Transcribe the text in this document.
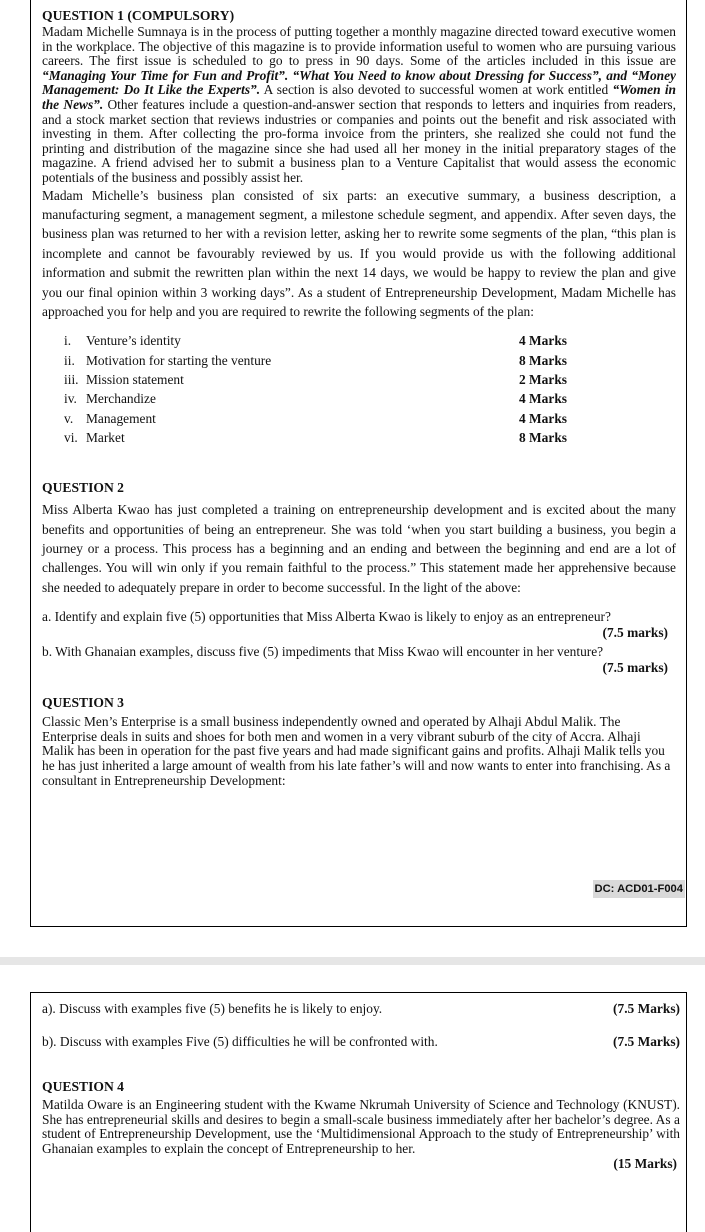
QUESTION 1 (COMPULSORY)

Madam Michelle Sumnaya is in the process of putting together a monthly magazine directed toward executive women in the workplace. The objective of this magazine is to provide information useful to women who are pursuing various careers. The first issue is scheduled to go to press in 90 days. Some of the articles included in this issue are “Managing Your Time for Fun and Profit”. “What You Need to know about Dressing for Success”, and “Money Management: Do It Like the Experts”. A section is also devoted to successful women at work entitled “Women in the News”. Other features include a question-and-answer section that responds to letters and inquiries from readers, and a stock market section that reviews industries or companies and points out the benefit and risk associated with investing in them. After collecting the pro-forma invoice from the printers, she realized she could not fund the printing and distribution of the magazine since she had used all her money in the initial preparatory stages of the magazine. A friend advised her to submit a business plan to a Venture Capitalist that would assess the economic potentials of the business and possibly assist her.

Madam Michelle’s business plan consisted of six parts: an executive summary, a business description, a manufacturing segment, a management segment, a milestone schedule segment, and appendix. After seven days, the business plan was returned to her with a revision letter, asking her to rewrite some segments of the plan, “this plan is incomplete and cannot be favourably reviewed by us. If you would provide us with the following additional information and submit the rewritten plan within the next 14 days, we would be happy to review the plan and give you our final opinion within 3 working days”. As a student of Entrepreneurship Development, Madam Michelle has approached you for help and you are required to rewrite the following segments of the plan:

i.	Venture’s identity	4 Marks
ii. Motivation for starting the venture	8 Marks
iii. Mission statement	2 Marks
iv. Merchandize	4 Marks
v. Management	4 Marks
vi. Market	8 Marks
QUESTION 2

Miss Alberta Kwao has just completed a training on entrepreneurship development and is excited about the many benefits and opportunities of being an entrepreneur. She was told ‘when you start building a business, you begin a journey or a process. This process has a beginning and an ending and between the beginning and end are a lot of challenges. You will win only if you remain faithful to the process.” This statement made her apprehensive because she needed to adequately prepare in order to become successful. In the light of the above:

a. Identify and explain five (5) opportunities that Miss Alberta Kwao is likely to enjoy as an entrepreneur?

(7.5 marks)

b. With Ghanaian examples, discuss five (5) impediments that Miss Kwao will encounter in her venture?

(7.5 marks)
QUESTION 3

Classic Men’s Enterprise is a small business independently owned and operated by Alhaji Abdul Malik. The Enterprise deals in suits and shoes for both men and women in a very vibrant suburb of the city of Accra. Alhaji Malik has been in operation for the past five years and had made significant gains and profits. Alhaji Malik tells you he has just inherited a large amount of wealth from his late father’s will and now wants to enter into franchising. As a consultant in Entrepreneurship Development:

DC: ACD01-F004
a). Discuss with examples five (5) benefits he is likely to enjoy.	(7.5 Marks)
b). Discuss with examples Five (5) difficulties he will be confronted with.	(7.5 Marks)
QUESTION 4

Matilda Oware is an Engineering student with the Kwame Nkrumah University of Science and Technology (KNUST). She has entrepreneurial skills and desires to begin a small-scale business immediately after her bachelor’s degree. As a student of Entrepreneurship Development, use the ‘Multidimensional Approach to the study of Entrepreneurship’ with Ghanaian examples to explain the concept of Entrepreneurship to her.

(15 Marks)
